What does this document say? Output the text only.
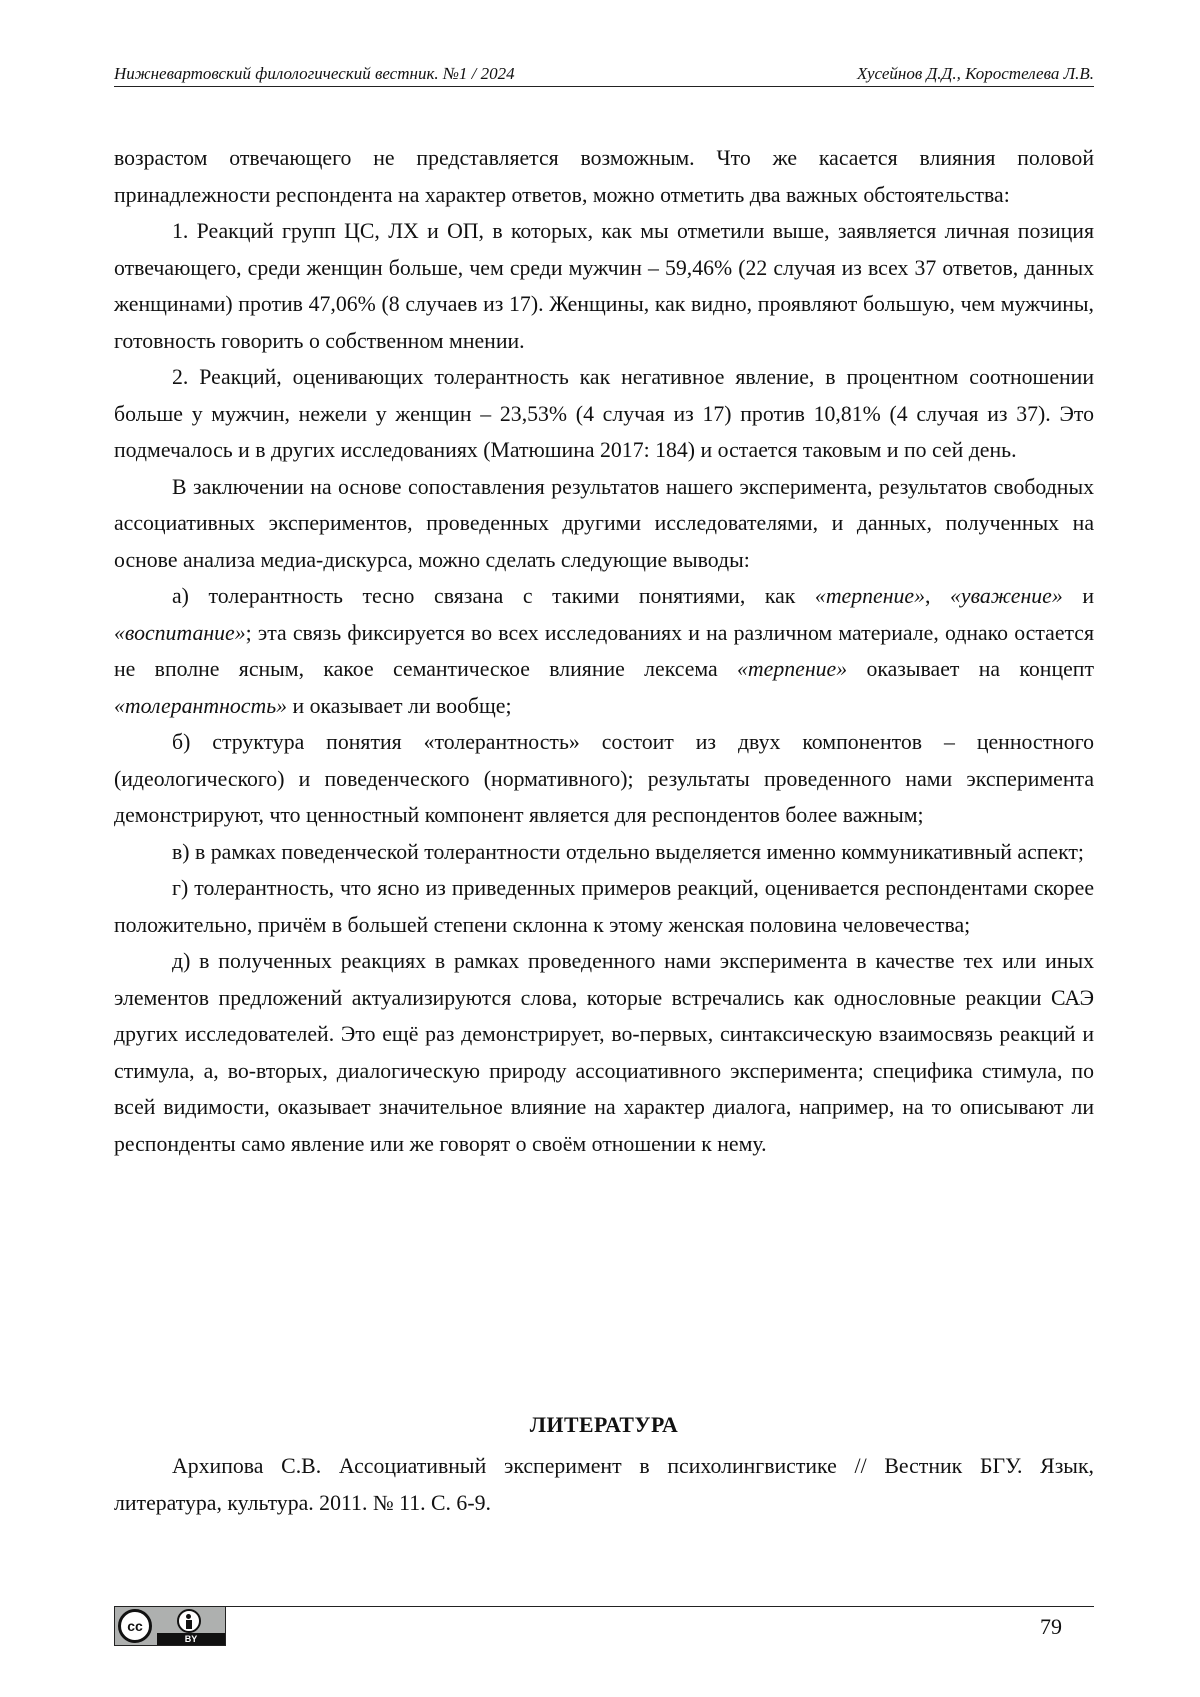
Нижневартовский филологический вестник. №1 / 2024	Хусейнов Д.Д., Коростелева Л.В.

возрастом отвечающего не представляется возможным. Что же касается влияния половой принадлежности респондента на характер ответов, можно отметить два важных обстоятельства:

1. Реакций групп ЦС, ЛХ и ОП, в которых, как мы отметили выше, заявляется личная позиция отвечающего, среди женщин больше, чем среди мужчин – 59,46% (22 случая из всех 37 ответов, данных женщинами) против 47,06% (8 случаев из 17). Женщины, как видно, проявляют большую, чем мужчины, готовность говорить о собственном мнении.

2. Реакций, оценивающих толерантность как негативное явление, в процентном соотношении больше у мужчин, нежели у женщин – 23,53% (4 случая из 17) против 10,81% (4 случая из 37). Это подмечалось и в других исследованиях (Матюшина 2017: 184) и остается таковым и по сей день.

В заключении на основе сопоставления результатов нашего эксперимента, результатов свободных ассоциативных экспериментов, проведенных другими исследователями, и данных, полученных на основе анализа медиа-дискурса, можно сделать следующие выводы:

а) толерантность тесно связана с такими понятиями, как «терпение», «уважение» и «воспитание»; эта связь фиксируется во всех исследованиях и на различном материале, однако остается не вполне ясным, какое семантическое влияние лексема «терпение» оказывает на концепт «толерантность» и оказывает ли вообще;

б) структура понятия «толерантность» состоит из двух компонентов – ценностного (идеологического) и поведенческого (нормативного); результаты проведенного нами эксперимента демонстрируют, что ценностный компонент является для респондентов более важным;

в) в рамках поведенческой толерантности отдельно выделяется именно коммуникативный аспект;

г) толерантность, что ясно из приведенных примеров реакций, оценивается респондентами скорее положительно, причём в большей степени склонна к этому женская половина человечества;

д) в полученных реакциях в рамках проведенного нами эксперимента в качестве тех или иных элементов предложений актуализируются слова, которые встречались как однословные реакции САЭ других исследователей. Это ещё раз демонстрирует, во-первых, синтаксическую взаимосвязь реакций и стимула, а, во-вторых, диалогическую природу ассоциативного эксперимента; специфика стимула, по всей видимости, оказывает значительное влияние на характер диалога, например, на то описывают ли респонденты само явление или же говорят о своём отношении к нему.

ЛИТЕРАТУРА

Архипова С.В. Ассоциативный эксперимент в психолингвистике // Вестник БГУ. Язык, литература, культура. 2011. № 11. С. 6-9.

cc
BY	79
